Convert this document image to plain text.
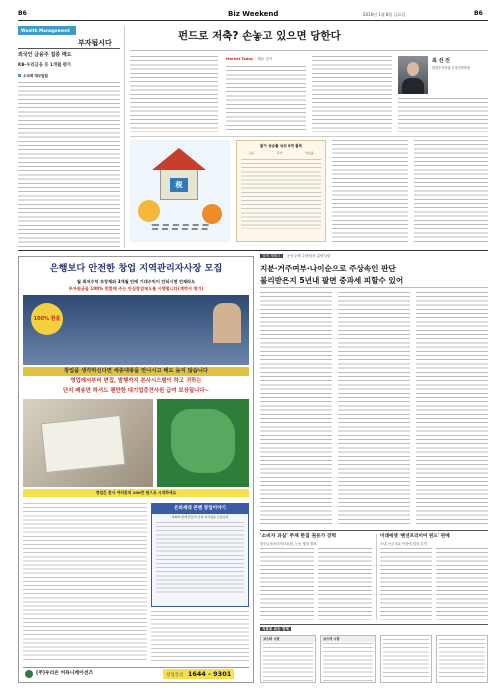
B6	Biz Weekend	2016년 1월 8일 금요일	B6
Wealth Management
부자됩시다
외국인 금융주 집중 매도
KB·우리금융 등 1개월 평가
오석제 재무칼럼
펀드로 저축? 손놓고 있으면 당한다
Market Today 세무 일기	최 선 진
한화투자증권 투자전략팀장
税
물가 상승률 상위 5개 품목
구분	국가	상승률
절세 재테크 공동주택 주택임차 분양다련
지분·거주여부·나이순으로 주상속인 판단
불리받은지 5년내 팔면 중과세 피할수 있어
은행보다 안전한 창업 지역관리자사장 모집
월 최저수익 보장제와 3개월 안에 기대수익이 안되시면 언제라도
투자원금을 100% 반환해 주는 안심창업제도를 시행합니다(계약서 명기)
100% 환불
창업을 생각하신다면 세종대왕을 만나시고 해도 늦지 않습니다
영업에서부터 편집, 발행까지 본사시스템이 하고 귀하는
단지 배송만 하셔도 웬만한 대기업중견사원 급여 보장됩니다~
영업은 본사 여러분의 100만 원으로 시작하세요
은퇴세대 콘텐 창업이야기
저희와 함께 만들어 가실 지사장을 모십니다
(주)우리은 커뮤니케이션즈	창업문의 1644 - 9301
'소비자 과실' 주재 한집 권유가 강력
한국금융소비자보호원, 눈높 행정 발표
미래에셋 '펜션프리미어 펀드' 판매
국내 신규 5위 이상에 집중 투자
지표로 보는 경제
코스피 시장	코스닥 시장
